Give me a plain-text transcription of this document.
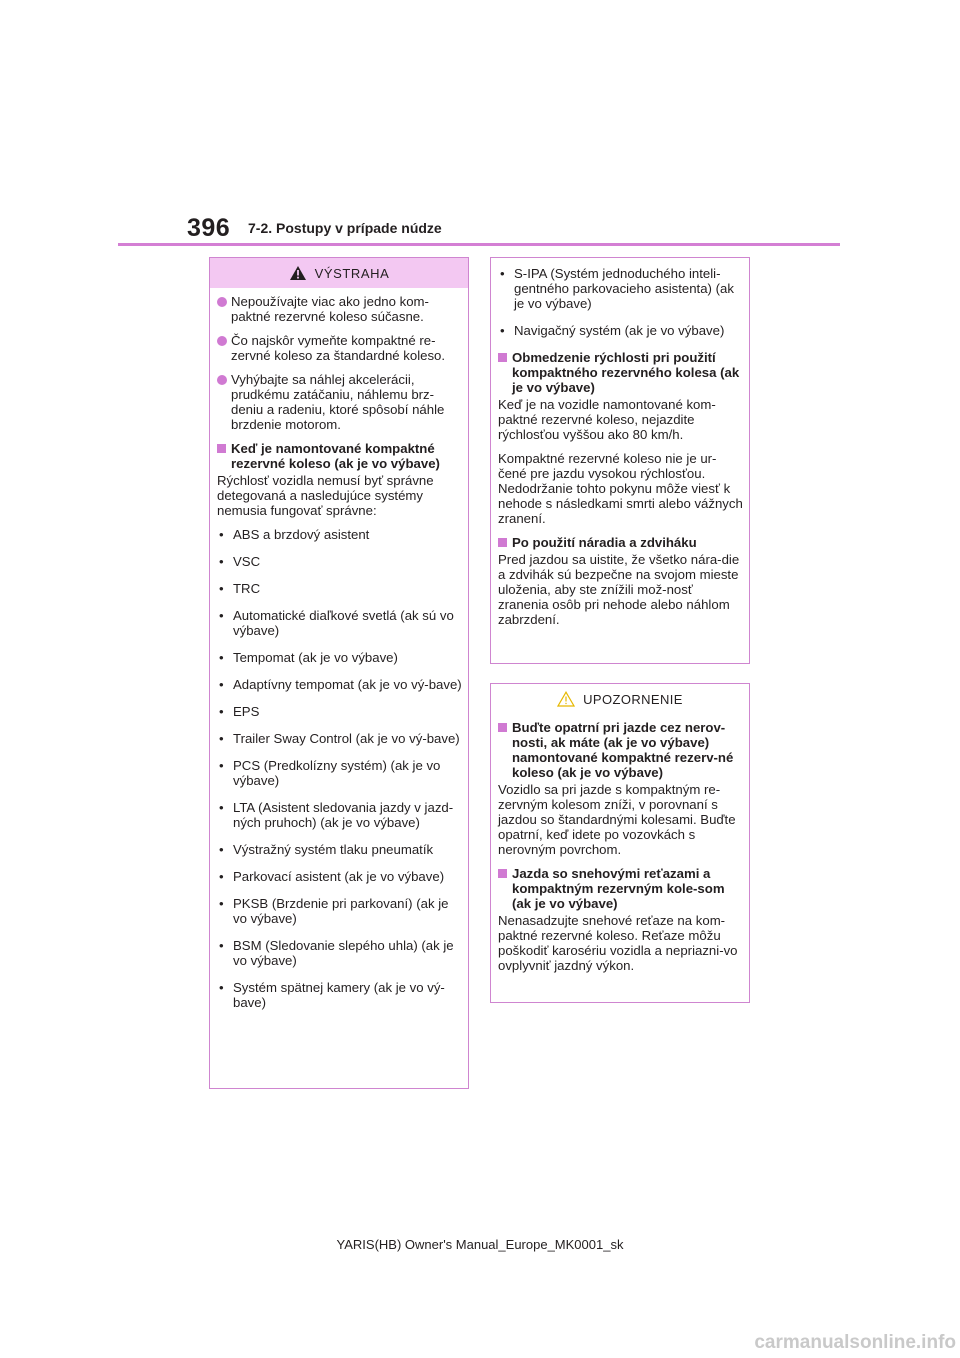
396 7-2. Postupy v prípade núdze
VÝSTRAHA
Nepoužívajte viac ako jedno kom-paktné rezervné koleso súčasne.
Čo najskôr vymeňte kompaktné re-zervné koleso za štandardné koleso.
Vyhýbajte sa náhlej akcelerácii, prudkému zatáčaniu, náhlemu brz-deniu a radeniu, ktoré spôsobí náhle brzdenie motorom.
Keď je namontované kompaktné rezervné koleso (ak je vo výbave)
Rýchlosť vozidla nemusí byť správne detegovaná a nasledujúce systémy nemusia fungovať správne:
• ABS a brzdový asistent
• VSC
• TRC
• Automatické diaľkové svetlá (ak sú vo výbave)
• Tempomat (ak je vo výbave)
• Adaptívny tempomat (ak je vo vý-bave)
• EPS
• Trailer Sway Control (ak je vo vý-bave)
• PCS (Predkolízny systém) (ak je vo výbave)
• LTA (Asistent sledovania jazdy v jazd-ných pruhoch) (ak je vo výbave)
• Výstražný systém tlaku pneumatík
• Parkovací asistent (ak je vo výbave)
• PKSB (Brzdenie pri parkovaní) (ak je vo výbave)
• BSM (Sledovanie slepého uhla) (ak je vo výbave)
• Systém spätnej kamery (ak je vo vý-bave)
• S-IPA (Systém jednoduchého inteli-gentného parkovacieho asistenta) (ak je vo výbave)
• Navigačný systém (ak je vo výbave)
Obmedzenie rýchlosti pri použití kompaktného rezervného kolesa (ak je vo výbave)
Keď je na vozidle namontované kom-paktné rezervné koleso, nejazdite rýchlosťou vyššou ako 80 km/h.
Kompaktné rezervné koleso nie je ur-čené pre jazdu vysokou rýchlosťou. Nedodržanie tohto pokynu môže viesť k nehode s následkami smrti alebo vážnych zranení.
Po použití náradia a zdviháku
Pred jazdou sa uistite, že všetko nára-die a zdvihák sú bezpečne na svojom mieste uloženia, aby ste znížili mož-nosť zranenia osôb pri nehode alebo náhlom zabrzdení.
UPOZORNENIE
Buďte opatrní pri jazde cez nerov-nosti, ak máte (ak je vo výbave) namontované kompaktné rezerv-né koleso (ak je vo výbave)
Vozidlo sa pri jazde s kompaktným re-zervným kolesom zníži, v porovnaní s jazdou so štandardnými kolesami. Buďte opatrní, keď idete po vozovkách s nerovným povrchom.
Jazda so snehovými reťazami a kompaktným rezervným kole-som (ak je vo výbave)
Nenasadzujte snehové reťaze na kom-paktné rezervné koleso. Reťaze môžu poškodiť karosériu vozidla a nepriazni-vo ovplyvniť jazdný výkon.
YARIS(HB) Owner's Manual_Europe_MK0001_sk
carmanualsonline.info
